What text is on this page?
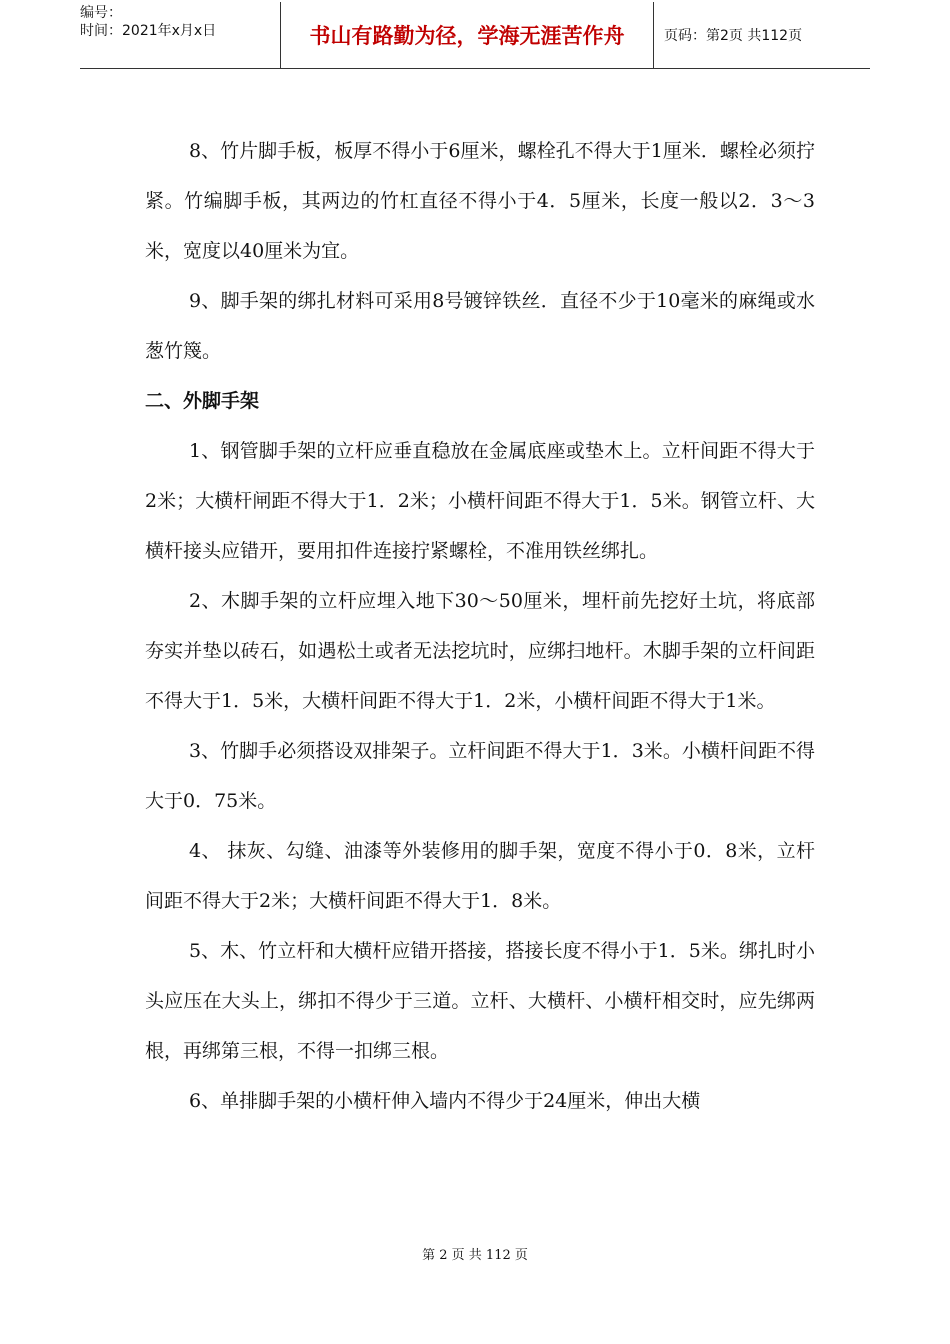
编号：
时间：2021年x月x日	书山有路勤为径，学海无涯苦作舟	页码：第2页 共112页

8、竹片脚手板，板厚不得小于6厘米，螺栓孔不得大于1厘米．螺栓必须拧紧。竹编脚手板，其两边的竹杠直径不得小于4．5厘米，长度一般以2．3～3米，宽度以40厘米为宜。

9、脚手架的绑扎材料可采用8号镀锌铁丝．直径不少于10毫米的麻绳或水葱竹篾。

二、外脚手架

1、钢管脚手架的立杆应垂直稳放在金属底座或垫木上。立杆间距不得大于2米；大横杆闸距不得大于1．2米；小横杆间距不得大于1．5米。钢管立杆、大横杆接头应错开，要用扣件连接拧紧螺栓，不准用铁丝绑扎。

2、木脚手架的立杆应埋入地下30～50厘米，埋杆前先挖好土坑，将底部夯实并垫以砖石，如遇松土或者无法挖坑时，应绑扫地杆。木脚手架的立杆间距不得大于1．5米，大横杆间距不得大于1．2米，小横杆间距不得大于1米。

3、竹脚手必须搭设双排架子。立杆间距不得大于1．3米。小横杆间距不得大于0．75米。

4、 抹灰、勾缝、油漆等外装修用的脚手架，宽度不得小于0．8米，立杆间距不得大于2米；大横杆间距不得大于1．8米。

5、木、竹立杆和大横杆应错开搭接，搭接长度不得小于1．5米。绑扎时小头应压在大头上，绑扣不得少于三道。立杆、大横杆、小横杆相交时，应先绑两根，再绑第三根，不得一扣绑三根。

6、单排脚手架的小横杆伸入墙内不得少于24厘米，伸出大横

第 2 页 共 112 页
